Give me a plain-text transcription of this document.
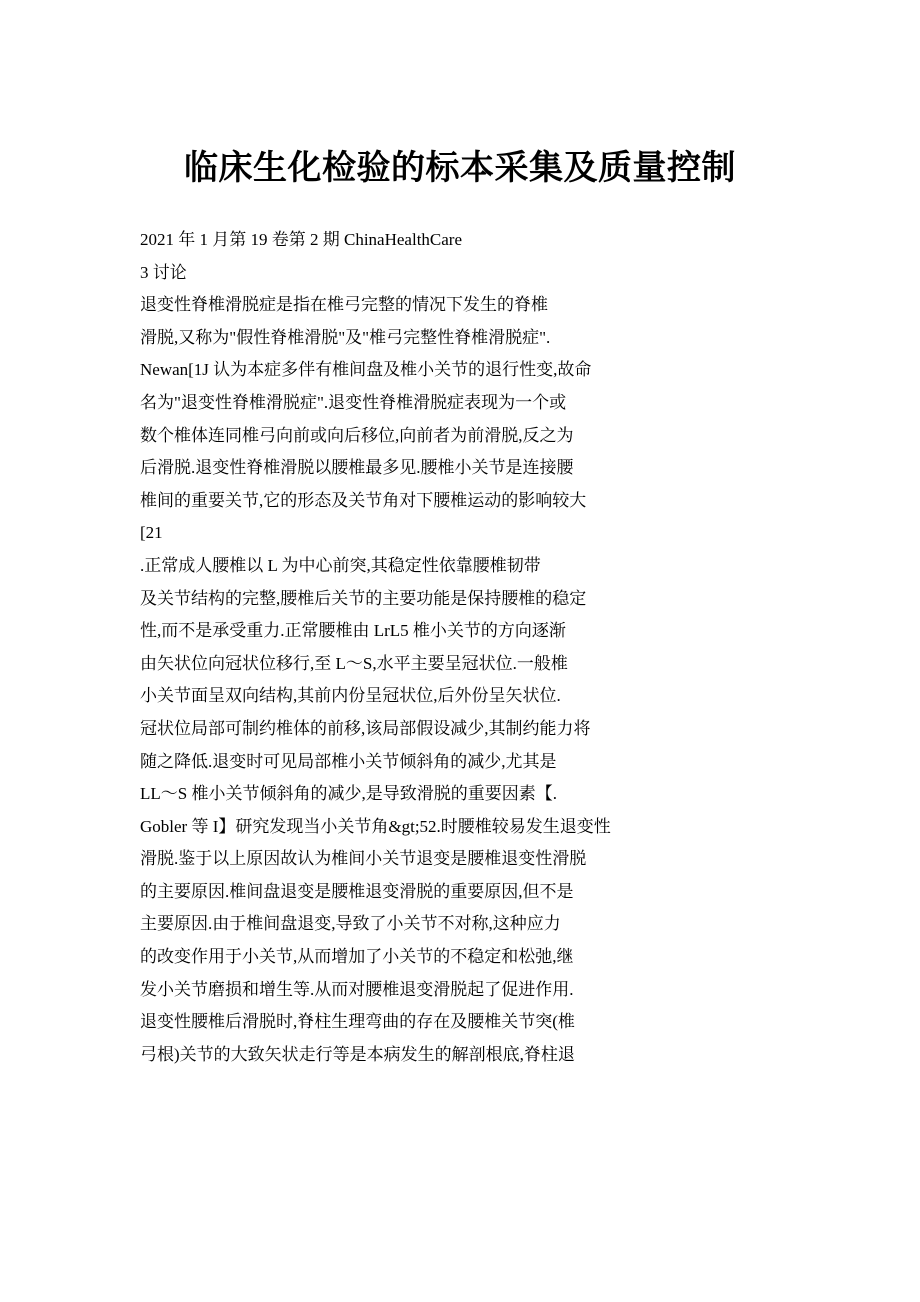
临床生化检验的标本采集及质量控制
2021 年 1 月第 19 卷第 2 期 ChinaHealthCare
3 讨论
退变性脊椎滑脱症是指在椎弓完整的情况下发生的脊椎
滑脱,又称为"假性脊椎滑脱"及"椎弓完整性脊椎滑脱症".
Newan[1J 认为本症多伴有椎间盘及椎小关节的退行性变,故命
名为"退变性脊椎滑脱症".退变性脊椎滑脱症表现为一个或
数个椎体连同椎弓向前或向后移位,向前者为前滑脱,反之为
后滑脱.退变性脊椎滑脱以腰椎最多见.腰椎小关节是连接腰
椎间的重要关节,它的形态及关节角对下腰椎运动的影响较大
[21
.正常成人腰椎以 L 为中心前突,其稳定性依靠腰椎韧带
及关节结构的完整,腰椎后关节的主要功能是保持腰椎的稳定
性,而不是承受重力.正常腰椎由 LrL5 椎小关节的方向逐渐
由矢状位向冠状位移行,至 L～S,水平主要呈冠状位.一般椎
小关节面呈双向结构,其前内份呈冠状位,后外份呈矢状位.
冠状位局部可制约椎体的前移,该局部假设减少,其制约能力将
随之降低.退变时可见局部椎小关节倾斜角的减少,尤其是
LL～S 椎小关节倾斜角的减少,是导致滑脱的重要因素【.
Gobler 等 I】研究发现当小关节角&gt;52.时腰椎较易发生退变性
滑脱.鉴于以上原因故认为椎间小关节退变是腰椎退变性滑脱
的主要原因.椎间盘退变是腰椎退变滑脱的重要原因,但不是
主要原因.由于椎间盘退变,导致了小关节不对称,这种应力
的改变作用于小关节,从而增加了小关节的不稳定和松弛,继
发小关节磨损和增生等.从而对腰椎退变滑脱起了促进作用.
退变性腰椎后滑脱时,脊柱生理弯曲的存在及腰椎关节突(椎
弓根)关节的大致矢状走行等是本病发生的解剖根底,脊柱退
